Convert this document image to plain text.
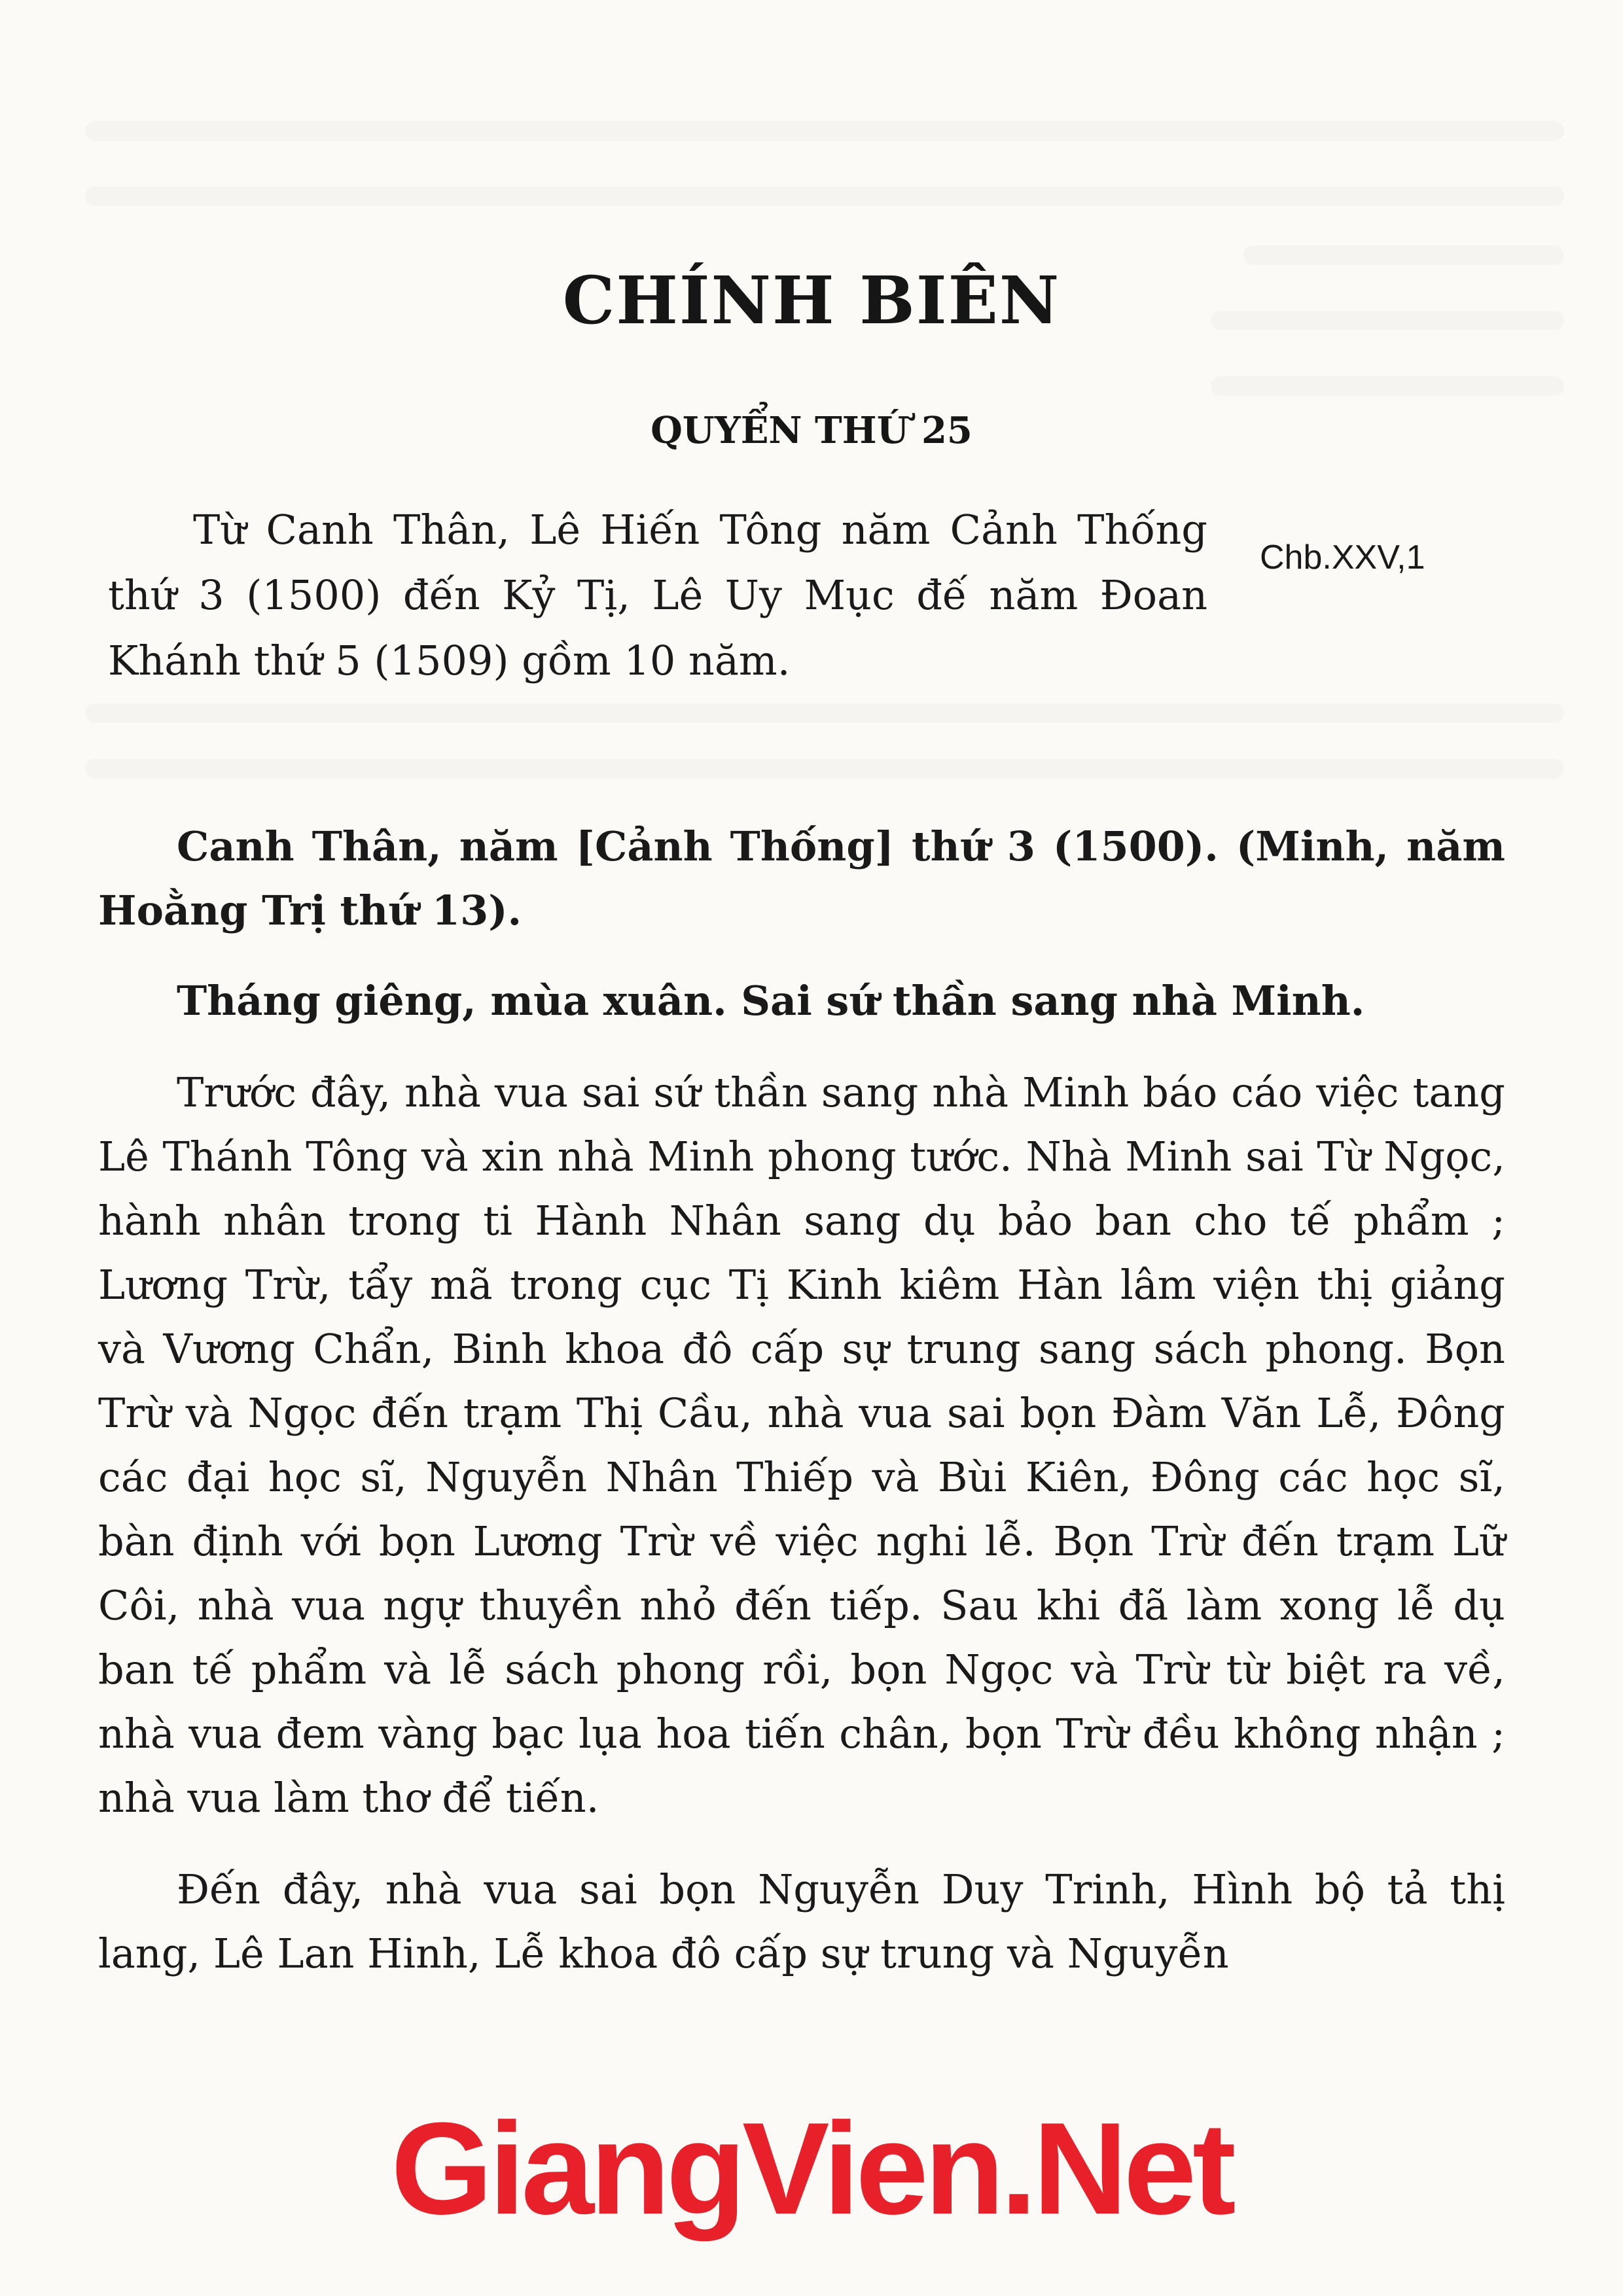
CHÍNH BIÊN
QUYỂN THỨ 25

Từ Canh Thân, Lê Hiến Tông năm Cảnh Thống thứ 3 (1500) đến Kỷ Tị, Lê Uy Mục đế năm Đoan Khánh thứ 5 (1509) gồm 10 năm.

Chb.XXV,1

Canh Thân, năm [Cảnh Thống] thứ 3 (1500). (Minh, năm Hoằng Trị thứ 13).

Tháng giêng, mùa xuân. Sai sứ thần sang nhà Minh.

Trước đây, nhà vua sai sứ thần sang nhà Minh báo cáo việc tang Lê Thánh Tông và xin nhà Minh phong tước. Nhà Minh sai Từ Ngọc, hành nhân trong ti Hành Nhân sang dụ bảo ban cho tế phẩm ; Lương Trừ, tẩy mã trong cục Tị Kinh kiêm Hàn lâm viện thị giảng và Vương Chẩn, Binh khoa đô cấp sự trung sang sách phong. Bọn Trừ và Ngọc đến trạm Thị Cầu, nhà vua sai bọn Đàm Văn Lễ, Đông các đại học sĩ, Nguyễn Nhân Thiếp và Bùi Kiên, Đông các học sĩ, bàn định với bọn Lương Trừ về việc nghi lễ. Bọn Trừ đến trạm Lữ Côi, nhà vua ngự thuyền nhỏ đến tiếp. Sau khi đã làm xong lễ dụ ban tế phẩm và lễ sách phong rồi, bọn Ngọc và Trừ từ biệt ra về, nhà vua đem vàng bạc lụa hoa tiến chân, bọn Trừ đều không nhận ; nhà vua làm thơ để tiến.

Đến đây, nhà vua sai bọn Nguyễn Duy Trinh, Hình bộ tả thị lang, Lê Lan Hinh, Lễ khoa đô cấp sự trung và Nguyễn

GiangVien.Net
